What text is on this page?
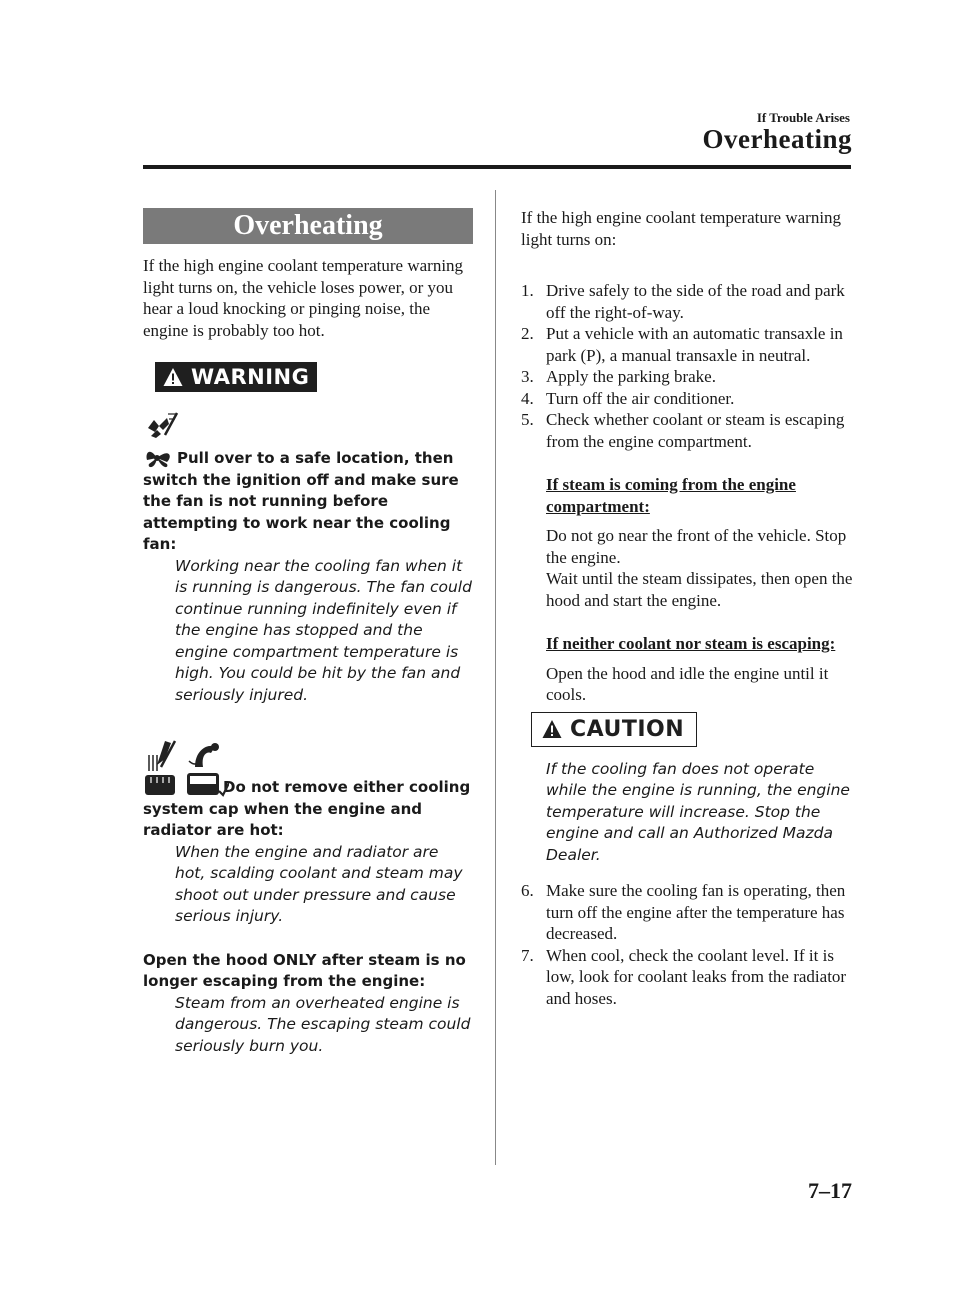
If Trouble Arises
Overheating
Overheating

If the high engine coolant temperature warning light turns on, the vehicle loses power, or you hear a loud knocking or pinging noise, the engine is probably too hot.

WARNING

Pull over to a safe location, then switch the ignition off and make sure the fan is not running before attempting to work near the cooling fan:

Working near the cooling fan when it is running is dangerous. The fan could continue running indefinitely even if the engine has stopped and the engine compartment temperature is high. You could be hit by the fan and seriously injured.

Do not remove either cooling system cap when the engine and radiator are hot:

When the engine and radiator are hot, scalding coolant and steam may shoot out under pressure and cause serious injury.

Open the hood ONLY after steam is no longer escaping from the engine:

Steam from an overheated engine is dangerous. The escaping steam could seriously burn you.

If the high engine coolant temperature warning light turns on:

1. Drive safely to the side of the road and park off the right-of-way.
2. Put a vehicle with an automatic transaxle in park (P), a manual transaxle in neutral.
3. Apply the parking brake.
4. Turn off the air conditioner.
5. Check whether coolant or steam is escaping from the engine compartment.

If steam is coming from the engine compartment:

Do not go near the front of the vehicle. Stop the engine.

Wait until the steam dissipates, then open the hood and start the engine.

If neither coolant nor steam is escaping:

Open the hood and idle the engine until it cools.

CAUTION

If the cooling fan does not operate while the engine is running, the engine temperature will increase. Stop the engine and call an Authorized Mazda Dealer.

6. Make sure the cooling fan is operating, then turn off the engine after the temperature has decreased.
7. When cool, check the coolant level. If it is low, look for coolant leaks from the radiator and hoses.
7–17
